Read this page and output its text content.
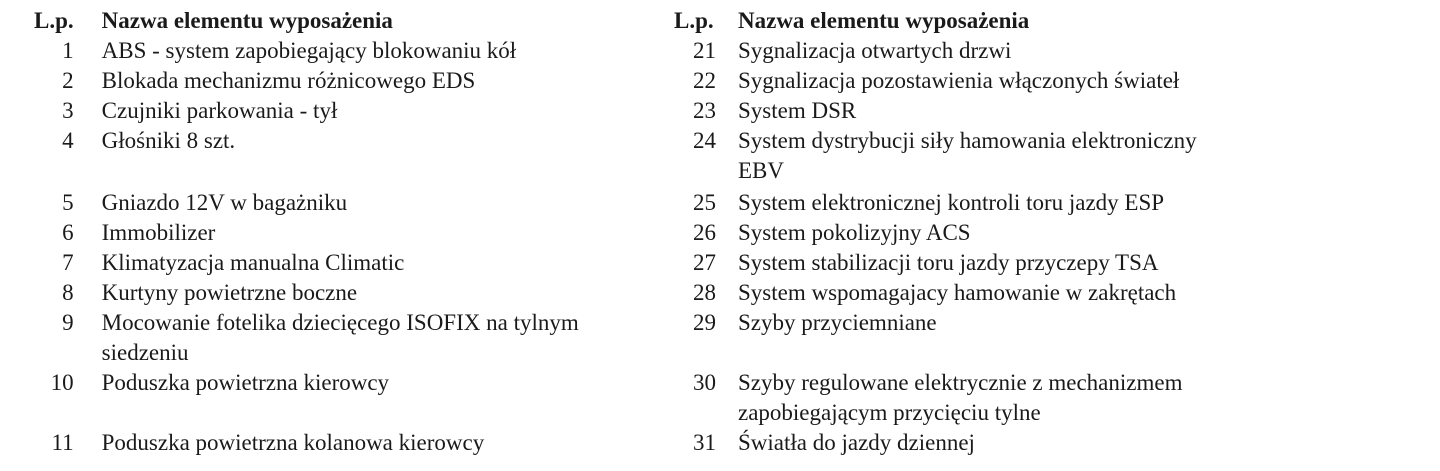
L.p.	Nazwa elementu wyposażenia
1	ABS - system zapobiegający blokowaniu kół
2	Blokada mechanizmu różnicowego EDS
3	Czujniki parkowania - tył
4	Głośniki 8 szt.
5	Gniazdo 12V w bagażniku
6	Immobilizer
7	Klimatyzacja manualna Climatic
8	Kurtyny powietrzne boczne
9	Mocowanie fotelika dziecięcego ISOFIX na tylnym siedzeniu
10	Poduszka powietrzna kierowcy
11	Poduszka powietrzna kolanowa kierowcy
L.p.	Nazwa elementu wyposażenia
21	Sygnalizacja otwartych drzwi
22	Sygnalizacja pozostawienia włączonych świateł
23	System DSR
24	System dystrybucji siły hamowania elektroniczny EBV
25	System elektronicznej kontroli toru jazdy ESP
26	System pokolizyjny ACS
27	System stabilizacji toru jazdy przyczepy TSA
28	System wspomagajacy hamowanie w zakrętach
29	Szyby przyciemniane
30	Szyby regulowane elektrycznie z mechanizmem zapobiegającym przycięciu tylne
31	Światła do jazdy dziennej
